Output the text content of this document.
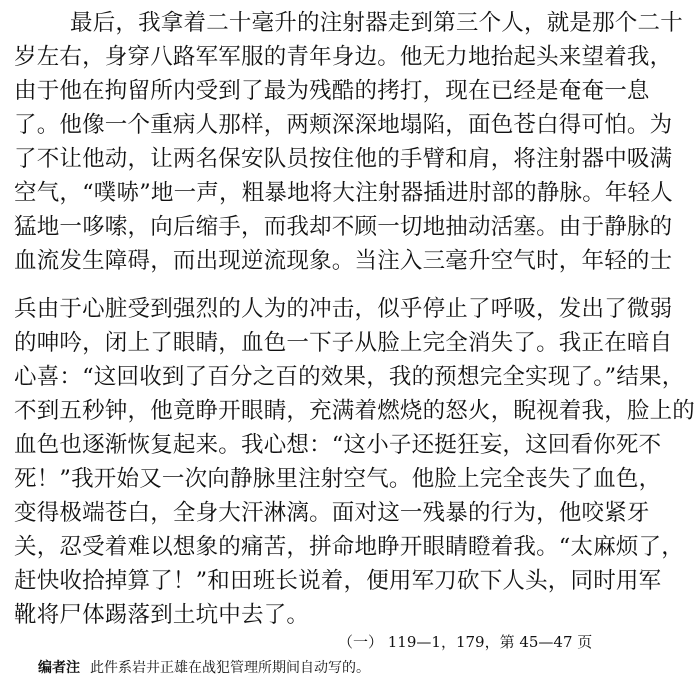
最后，我拿着二十毫升的注射器走到第三个人，就是那个二十
岁左右，身穿八路军军服的青年身边。他无力地抬起头来望着我，
由于他在拘留所内受到了最为残酷的拷打，现在已经是奄奄一息
了。他像一个重病人那样，两颊深深地塌陷，面色苍白得可怕。为
了不让他动，让两名保安队员按住他的手臂和肩，将注射器中吸满
空气，“噗哧”地一声，粗暴地将大注射器插进肘部的静脉。年轻人
猛地一哆嗦，向后缩手，而我却不顾一切地抽动活塞。由于静脉的
血流发生障碍，而出现逆流现象。当注入三毫升空气时，年轻的士
兵由于心脏受到强烈的人为的冲击，似乎停止了呼吸，发出了微弱
的呻吟，闭上了眼睛，血色一下子从脸上完全消失了。我正在暗自
心喜：“这回收到了百分之百的效果，我的预想完全实现了。”结果，
不到五秒钟，他竟睁开眼睛，充满着燃烧的怒火，睨视着我，脸上的
血色也逐渐恢复起来。我心想：“这小子还挺狂妄，这回看你死不
死！”我开始又一次向静脉里注射空气。他脸上完全丧失了血色，
变得极端苍白，全身大汗淋漓。面对这一残暴的行为，他咬紧牙
关，忍受着难以想象的痛苦，拼命地睁开眼睛瞪着我。“太麻烦了，
赶快收拾掉算了！”和田班长说着，便用军刀砍下人头，同时用军
靴将尸体踢落到土坑中去了。
（一） 119—1，179，第 45—47 页
编者注 此件系岩井正雄在战犯管理所期间自动写的。
